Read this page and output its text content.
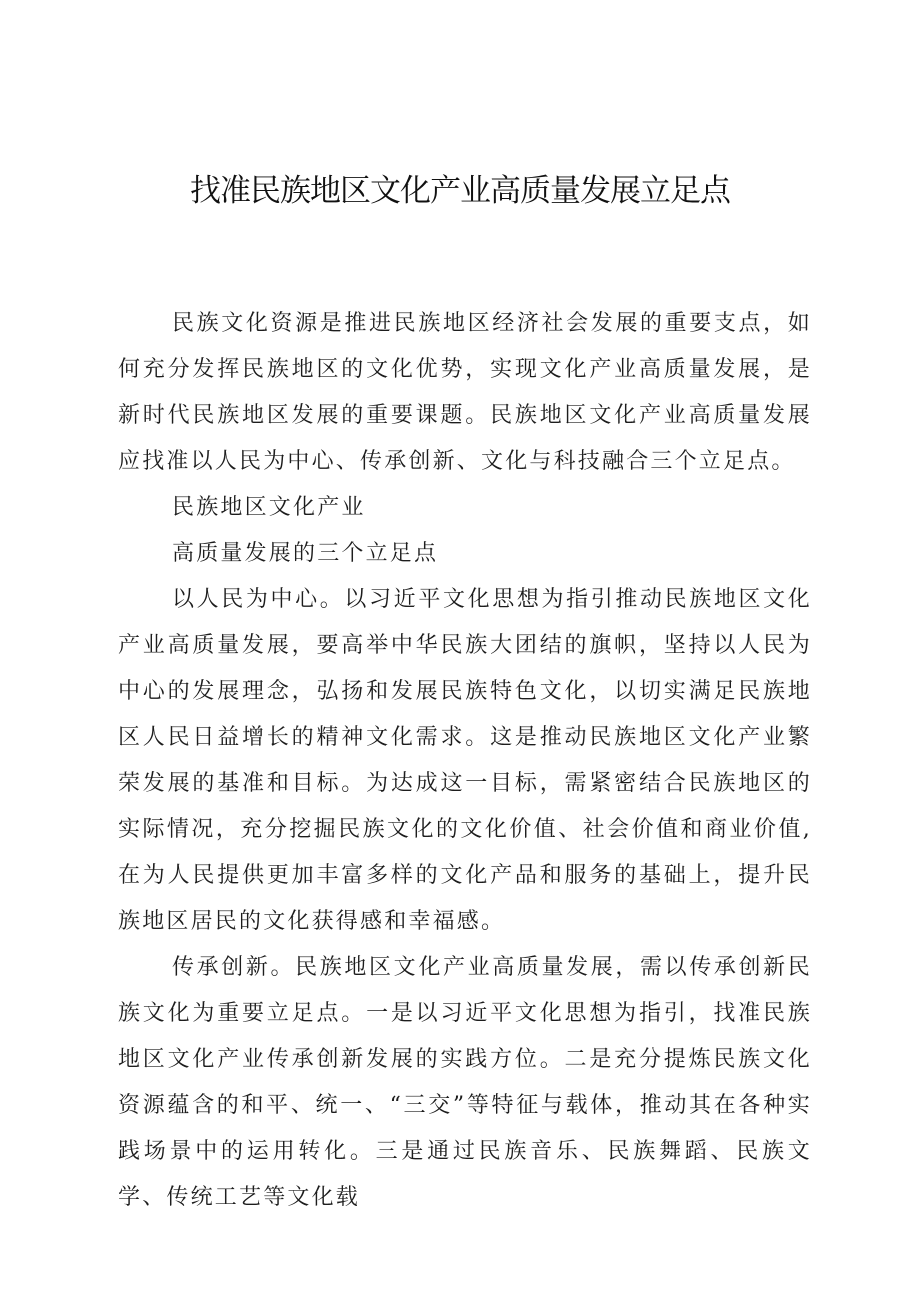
找准民族地区文化产业高质量发展立足点

民族文化资源是推进民族地区经济社会发展的重要支点，如何充分发挥民族地区的文化优势，实现文化产业高质量发展，是新时代民族地区发展的重要课题。民族地区文化产业高质量发展应找准以人民为中心、传承创新、文化与科技融合三个立足点。

民族地区文化产业

高质量发展的三个立足点

以人民为中心。以习近平文化思想为指引推动民族地区文化产业高质量发展，要高举中华民族大团结的旗帜，坚持以人民为中心的发展理念，弘扬和发展民族特色文化，以切实满足民族地区人民日益增长的精神文化需求。这是推动民族地区文化产业繁荣发展的基准和目标。为达成这一目标，需紧密结合民族地区的实际情况，充分挖掘民族文化的文化价值、社会价值和商业价值,在为人民提供更加丰富多样的文化产品和服务的基础上，提升民族地区居民的文化获得感和幸福感。

传承创新。民族地区文化产业高质量发展，需以传承创新民族文化为重要立足点。一是以习近平文化思想为指引，找准民族地区文化产业传承创新发展的实践方位。二是充分提炼民族文化资源蕴含的和平、统一、“三交”等特征与载体，推动其在各种实践场景中的运用转化。三是通过民族音乐、民族舞蹈、民族文学、传统工艺等文化载
